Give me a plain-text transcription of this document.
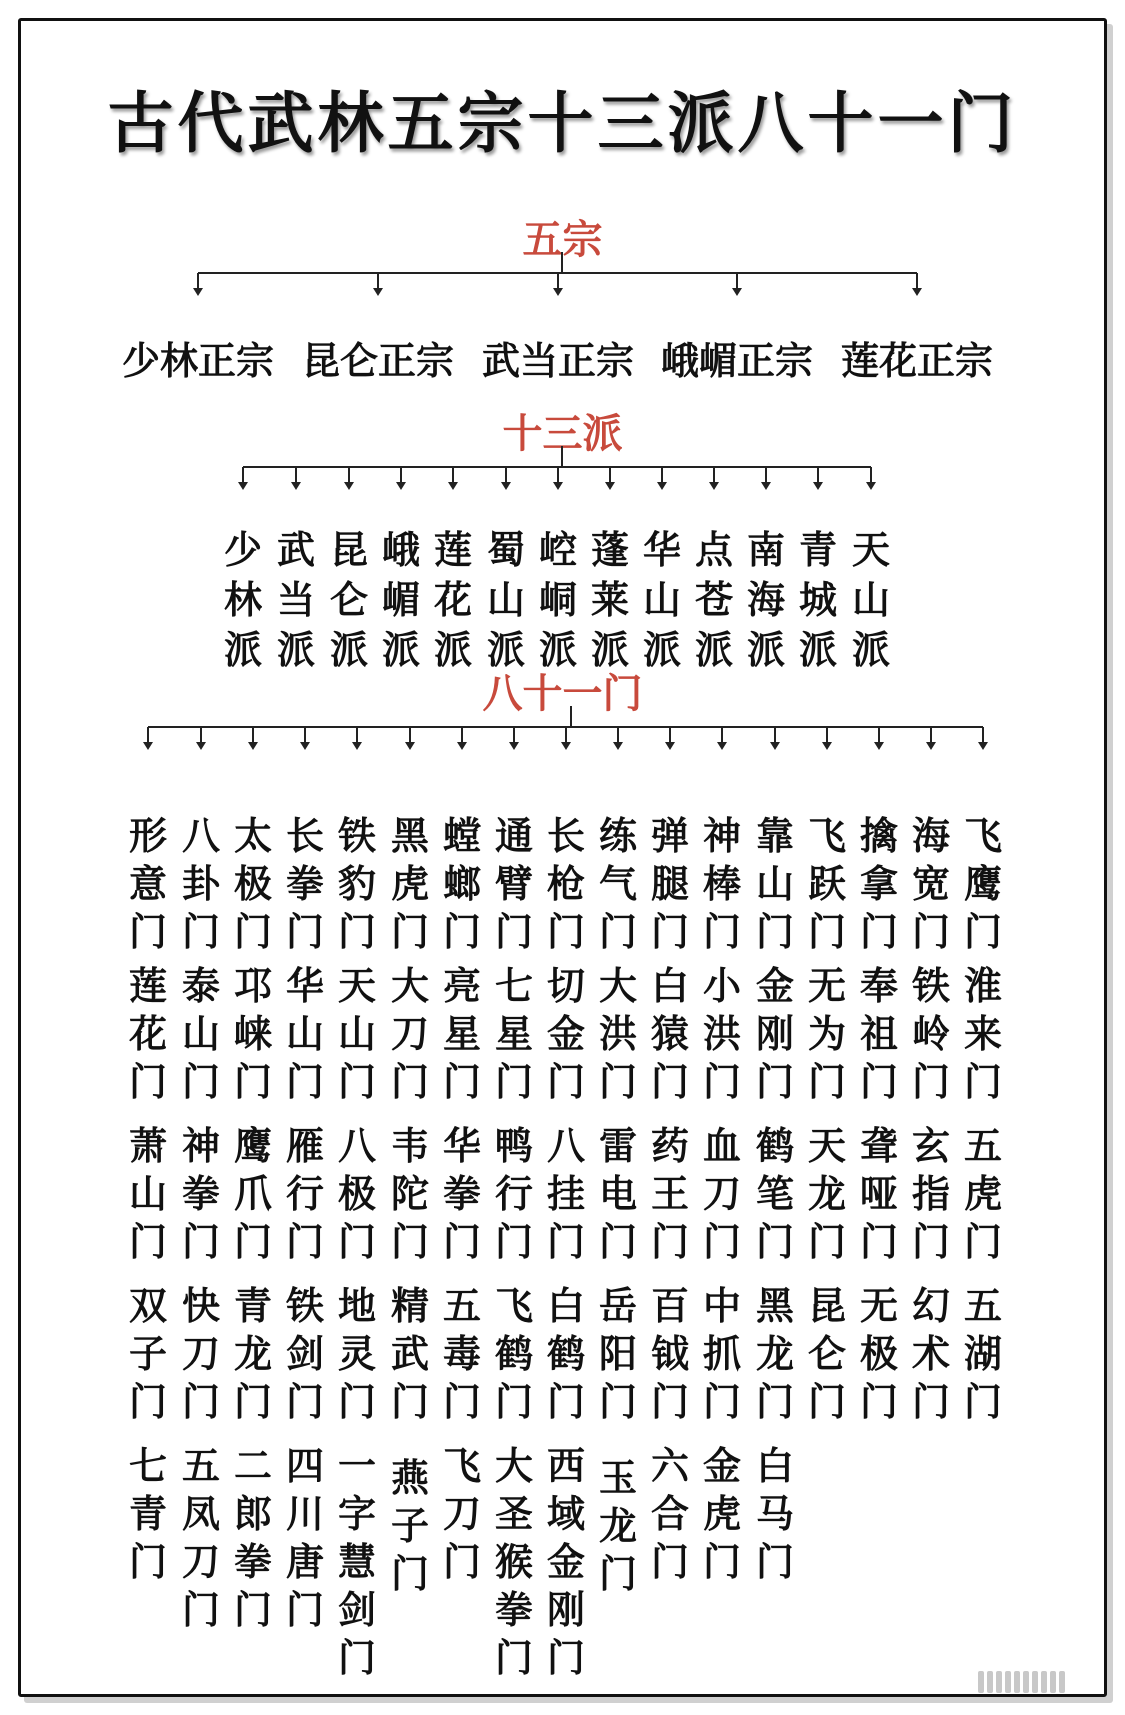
古代武林五宗十三派八十一门
五宗
十三派
八十一门
少林正宗 昆仑正宗 武当正宗 峨嵋正宗 莲花正宗
少
林
派
武
当
派
昆
仑
派
峨
嵋
派
莲
花
派
蜀
山
派
崆
峒
派
蓬
莱
派
华
山
派
点
苍
派
南
海
派
青
城
派
天
山
派
形
意
门
八
卦
门
太
极
门
长
拳
门
铁
豹
门
黑
虎
门
螳
螂
门
通
臂
门
长
枪
门
练
气
门
弹
腿
门
神
棒
门
靠
山
门
飞
跃
门
擒
拿
门
海
宽
门
飞
鹰
门
莲
花
门
泰
山
门
邛
崃
门
华
山
门
天
山
门
大
刀
门
亮
星
门
七
星
门
切
金
门
大
洪
门
白
猿
门
小
洪
门
金
刚
门
无
为
门
奉
祖
门
铁
岭
门
淮
来
门
萧
山
门
神
拳
门
鹰
爪
门
雁
行
门
八
极
门
韦
陀
门
华
拳
门
鸭
行
门
八
挂
门
雷
电
门
药
王
门
血
刀
门
鹤
笔
门
天
龙
门
聋
哑
门
玄
指
门
五
虎
门
双
子
门
快
刀
门
青
龙
门
铁
剑
门
地
灵
门
精
武
门
五
毒
门
飞
鹤
门
白
鹤
门
岳
阳
门
百
钺
门
中
抓
门
黑
龙
门
昆
仑
门
无
极
门
幻
术
门
五
湖
门
七
青
门
五
凤
刀
门
二
郎
拳
门
四
川
唐
门
一
字
慧
剑
门
燕
子
门
飞
刀
门
大
圣
猴
拳
门
西
域
金
刚
门
玉
龙
门
六
合
门
金
虎
门
白
马
门
